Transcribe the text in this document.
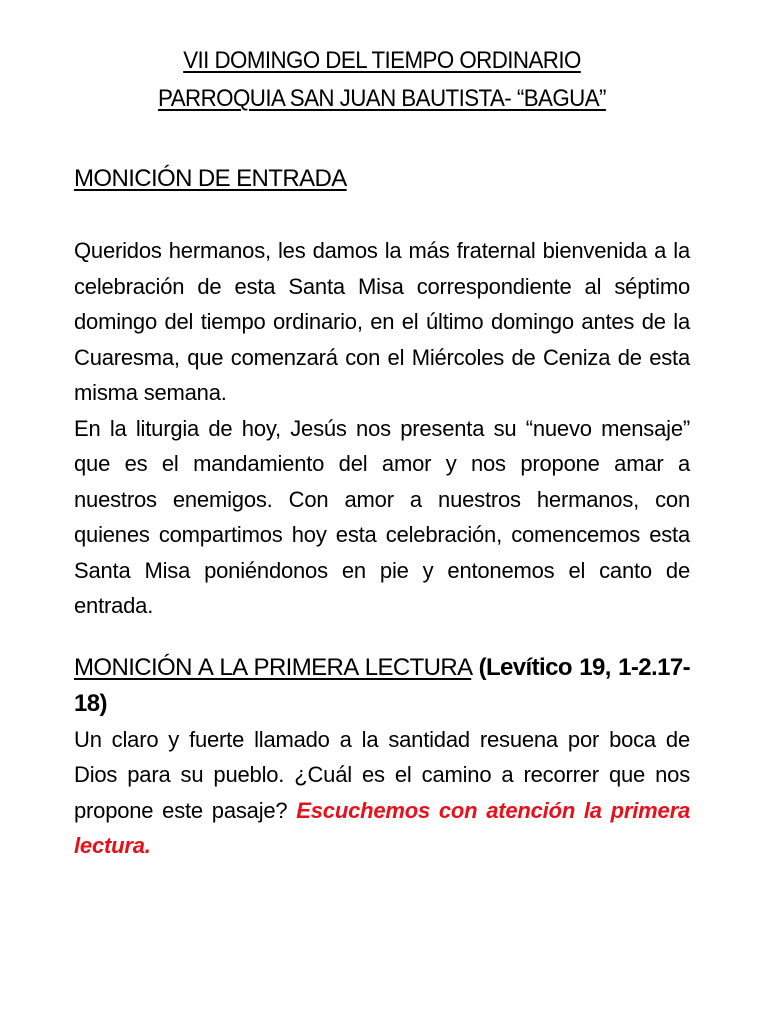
VII DOMINGO DEL TIEMPO ORDINARIO

PARROQUIA SAN JUAN BAUTISTA- “BAGUA”

MONICIÓN DE ENTRADA

Queridos hermanos, les damos la más fraternal bienvenida a la celebración de esta Santa Misa correspondiente al séptimo domingo del tiempo ordinario, en el último domingo antes de la Cuaresma, que comenzará con el Miércoles de Ceniza de esta misma semana.

En la liturgia de hoy, Jesús nos presenta su “nuevo mensaje” que es el mandamiento del amor y nos propone amar a nuestros enemigos. Con amor a nuestros hermanos, con quienes compartimos hoy esta celebración, comencemos esta Santa Misa poniéndonos en pie y entonemos el canto de entrada.

MONICIÓN A LA PRIMERA LECTURA (Levítico 19, 1-2.17-18)

Un claro y fuerte llamado a la santidad resuena por boca de Dios para su pueblo. ¿Cuál es el camino a recorrer que nos propone este pasaje? Escuchemos con atención la primera lectura.
